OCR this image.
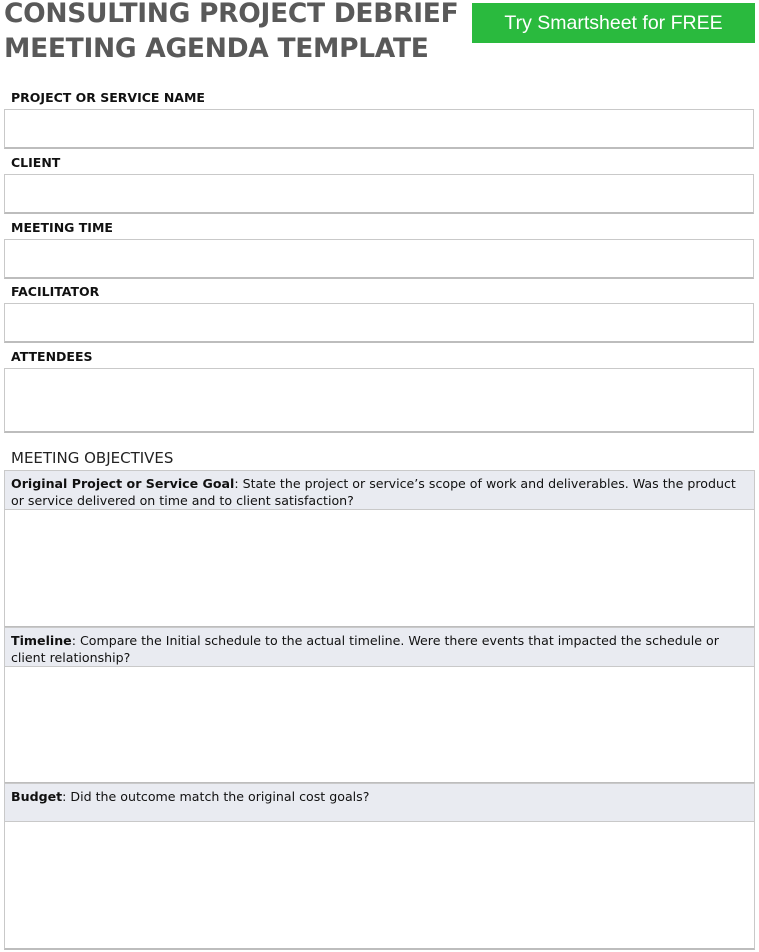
CONSULTING PROJECT DEBRIEF
MEETING AGENDA TEMPLATE
Try Smartsheet for FREE
PROJECT OR SERVICE NAME
CLIENT
MEETING TIME
FACILITATOR
ATTENDEES
MEETING OBJECTIVES
Original Project or Service Goal: State the project or service’s scope of work and deliverables. Was the product or service delivered on time and to client satisfaction?
Timeline: Compare the Initial schedule to the actual timeline. Were there events that impacted the schedule or client relationship?
Budget: Did the outcome match the original cost goals?
